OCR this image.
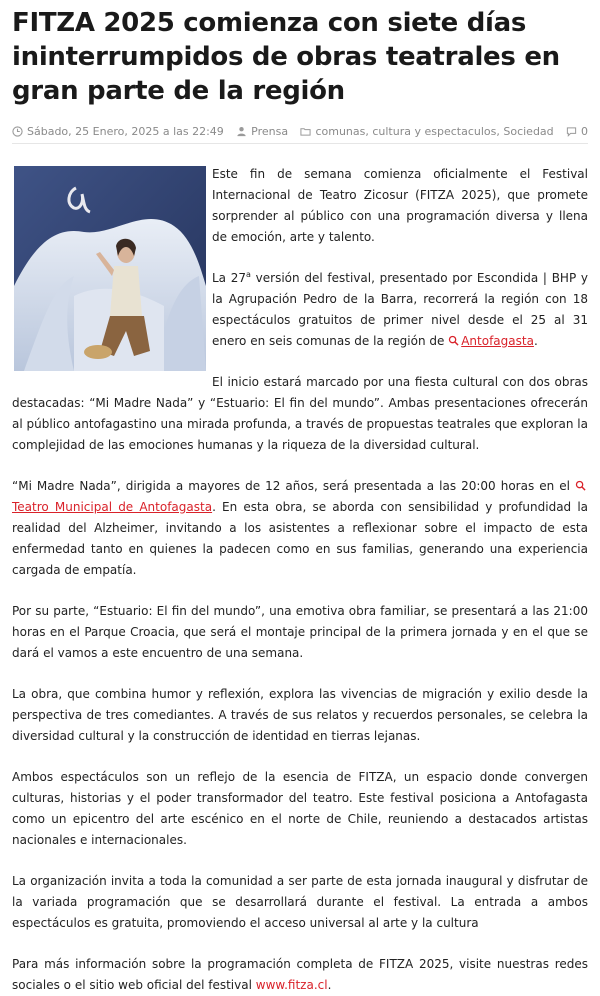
FITZA 2025 comienza con siete días ininterrumpidos de obras teatrales en gran parte de la región
Sábado, 25 Enero, 2025 a las 22:49 Prensa comunas, cultura y espectaculos, Sociedad 0

Este fin de semana comienza oficialmente el Festival Internacional de Teatro Zicosur (FITZA 2025), que promete sorprender al público con una programación diversa y llena de emoción, arte y talento.

La 27$^a$ versión del festival, presentado por Escondida | BHP y la Agrupación Pedro de la Barra, recorrerá la región con 18 espectáculos gratuitos de primer nivel desde el 25 al 31 enero en seis comunas de la región de Antofagasta.

El inicio estará marcado por una fiesta cultural con dos obras destacadas: “Mi Madre Nada” y “Estuario: El fin del mundo”. Ambas presentaciones ofrecerán al público antofagastino una mirada profunda, a través de propuestas teatrales que exploran la complejidad de las emociones humanas y la riqueza de la diversidad cultural.

“Mi Madre Nada”, dirigida a mayores de 12 años, será presentada a las 20:00 horas en el Teatro Municipal de Antofagasta. En esta obra, se aborda con sensibilidad y profundidad la realidad del Alzheimer, invitando a los asistentes a reflexionar sobre el impacto de esta enfermedad tanto en quienes la padecen como en sus familias, generando una experiencia cargada de empatía.

Por su parte, “Estuario: El fin del mundo”, una emotiva obra familiar, se presentará a las 21:00 horas en el Parque Croacia, que será el montaje principal de la primera jornada y en el que se dará el vamos a este encuentro de una semana.

La obra, que combina humor y reflexión, explora las vivencias de migración y exilio desde la perspectiva de tres comediantes. A través de sus relatos y recuerdos personales, se celebra la diversidad cultural y la construcción de identidad en tierras lejanas.

Ambos espectáculos son un reflejo de la esencia de FITZA, un espacio donde convergen culturas, historias y el poder transformador del teatro. Este festival posiciona a Antofagasta como un epicentro del arte escénico en el norte de Chile, reuniendo a destacados artistas nacionales e internacionales.

La organización invita a toda la comunidad a ser parte de esta jornada inaugural y disfrutar de la variada programación que se desarrollará durante el festival. La entrada a ambos espectáculos es gratuita, promoviendo el acceso universal al arte y la cultura

Para más información sobre la programación completa de FITZA 2025, visite nuestras redes sociales o el sitio web oficial del festival www.fitza.cl.
